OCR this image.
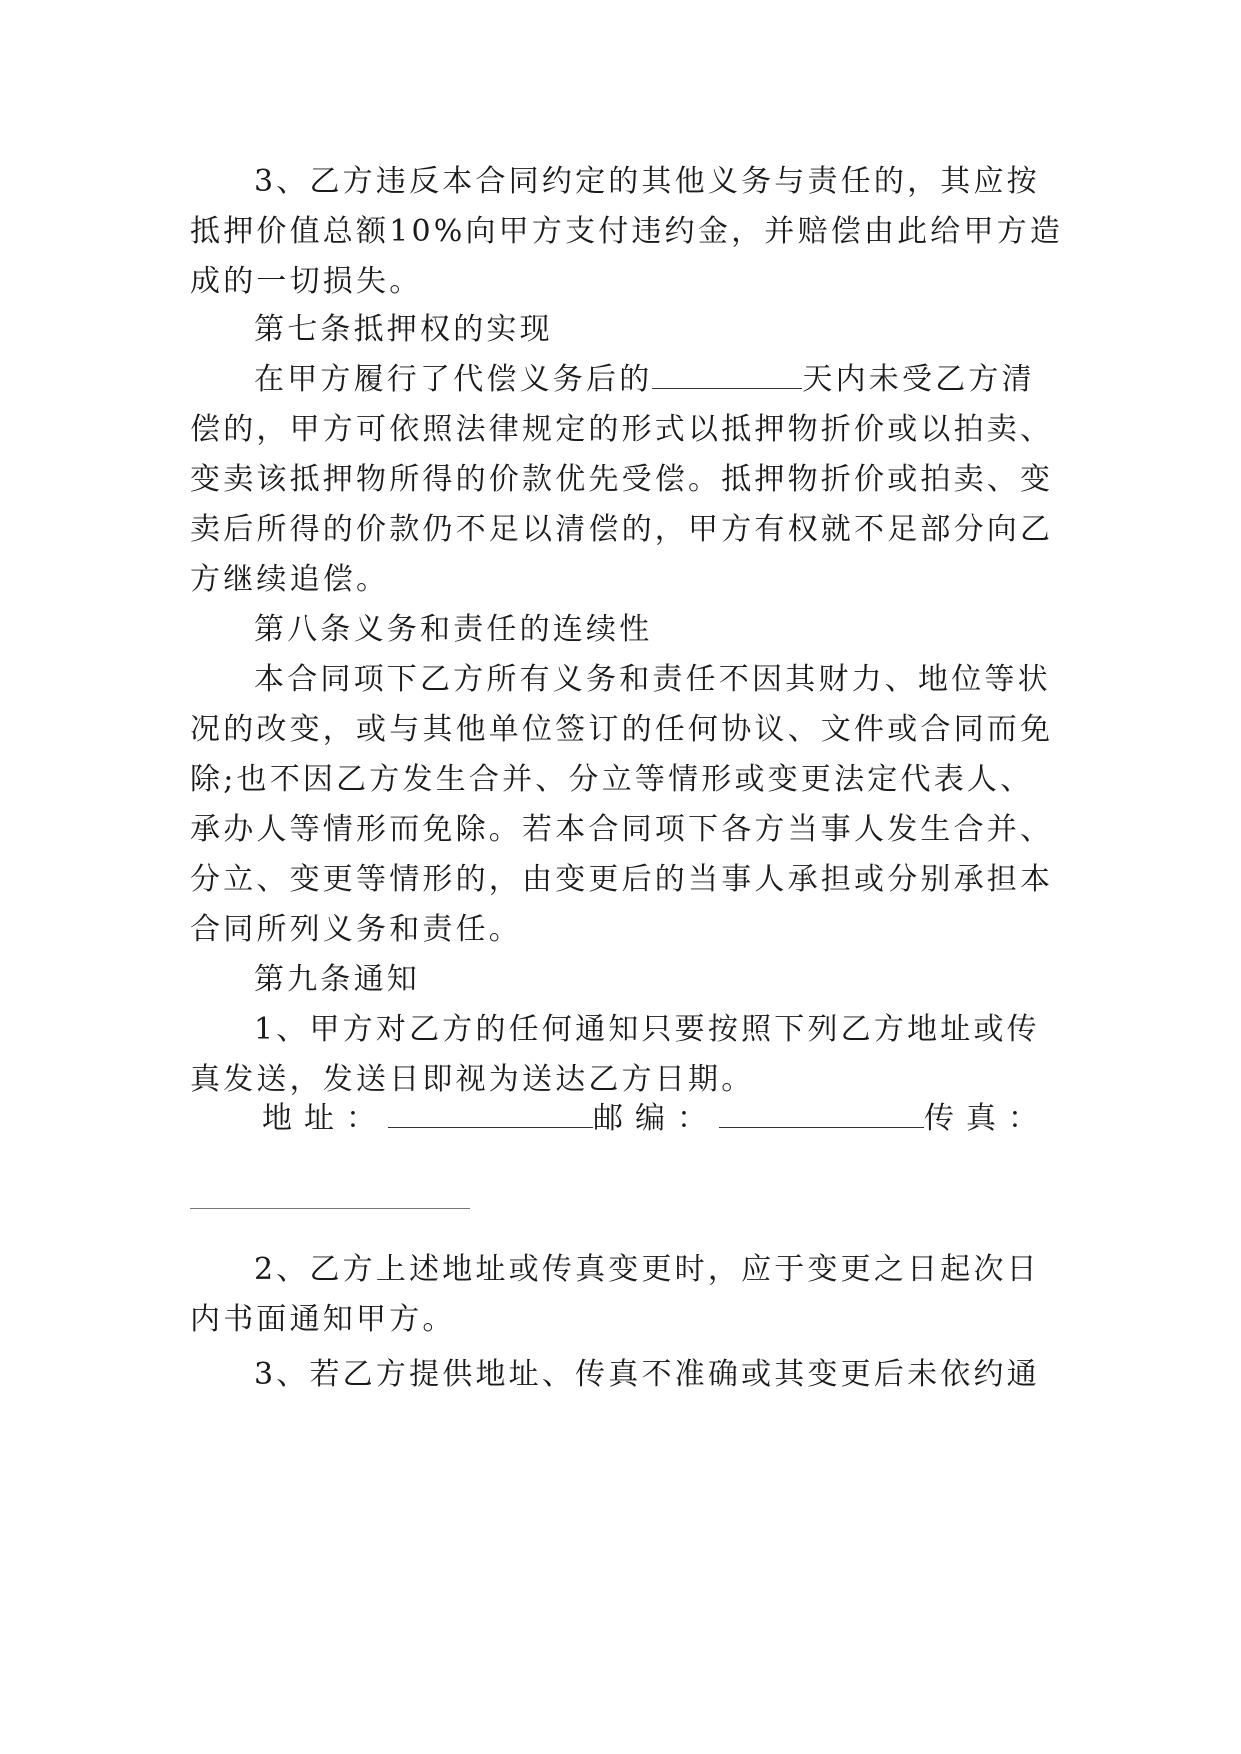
3、乙方违反本合同约定的其他义务与责任的，其应按
抵押价值总额10%向甲方支付违约金，并赔偿由此给甲方造
成的一切损失。
第七条抵押权的实现
在甲方履行了代偿义务后的	天内未受乙方清
偿的，甲方可依照法律规定的形式以抵押物折价或以拍卖、
变卖该抵押物所得的价款优先受偿。抵押物折价或拍卖、变
卖后所得的价款仍不足以清偿的，甲方有权就不足部分向乙
方继续追偿。
第八条义务和责任的连续性
本合同项下乙方所有义务和责任不因其财力、地位等状
况的改变，或与其他单位签订的任何协议、文件或合同而免
除;也不因乙方发生合并、分立等情形或变更法定代表人、
承办人等情形而免除。若本合同项下各方当事人发生合并、
分立、变更等情形的，由变更后的当事人承担或分别承担本
合同所列义务和责任。
第九条通知
1、甲方对乙方的任何通知只要按照下列乙方地址或传
真发送，发送日即视为送达乙方日期。
地址：	邮编：	传真：
2、乙方上述地址或传真变更时，应于变更之日起次日
内书面通知甲方。
3、若乙方提供地址、传真不准确或其变更后未依约通
